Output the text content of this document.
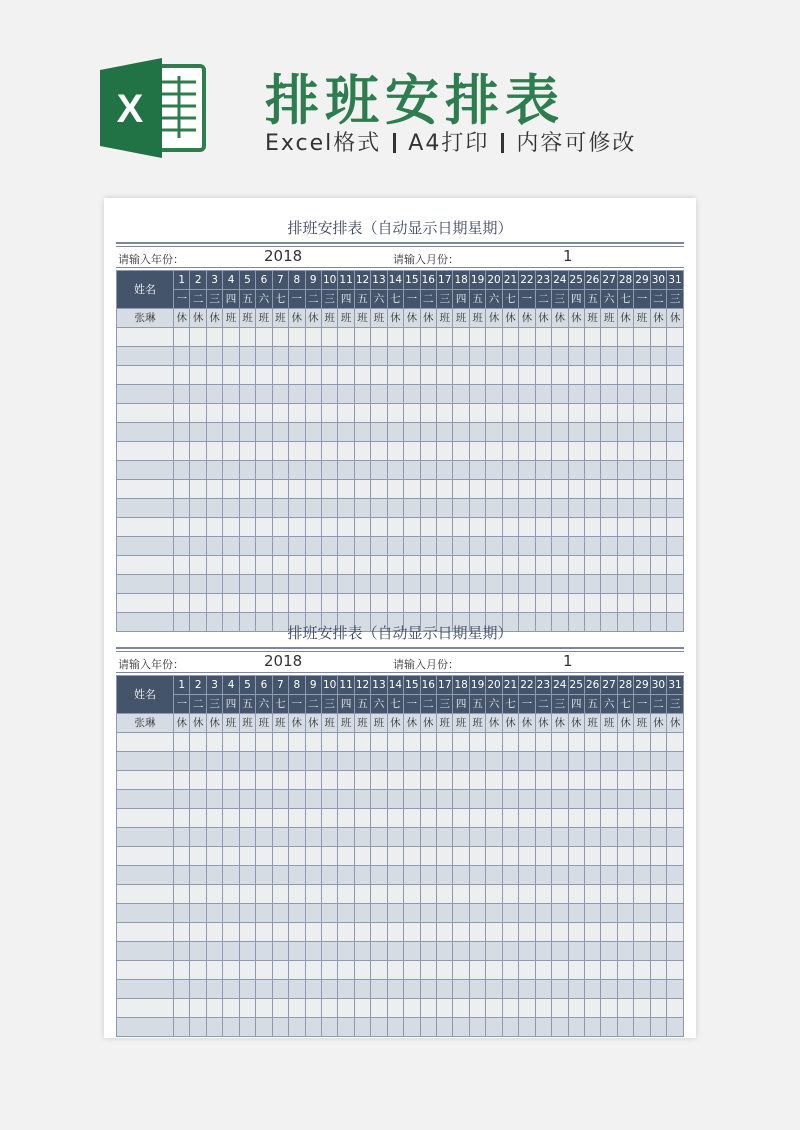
X 排班安排表
Excel格式 A4打印 内容可修改
排班安排表（自动显示日期星期）
请输入年份：	2018	请输入月份：	1
姓名	1	2	3	4	5	6	7	8	9	10	11	12	13	14	15	16	17	18	19	20	21	22	23	24	25	26	27	28	29	30	31
	一	二	三	四	五	六	七	一	二	三	四	五	六	七	一	二	三	四	五	六	七	一	二	三	四	五	六	七	一	二	三
张琳	休	休	休	班	班	班	班	休	休	班	班	班	班	休	休	休	班	班	班	休	休	休	休	休	休	班	班	休	班	休	休

排班安排表（自动显示日期星期）
请输入年份：	2018	请输入月份：	1
姓名	1	2	3	4	5	6	7	8	9	10	11	12	13	14	15	16	17	18	19	20	21	22	23	24	25	26	27	28	29	30	31
	一	二	三	四	五	六	七	一	二	三	四	五	六	七	一	二	三	四	五	六	七	一	二	三	四	五	六	七	一	二	三
张琳	休	休	休	班	班	班	班	休	休	班	班	班	班	休	休	休	班	班	班	休	休	休	休	休	休	班	班	休	班	休	休
